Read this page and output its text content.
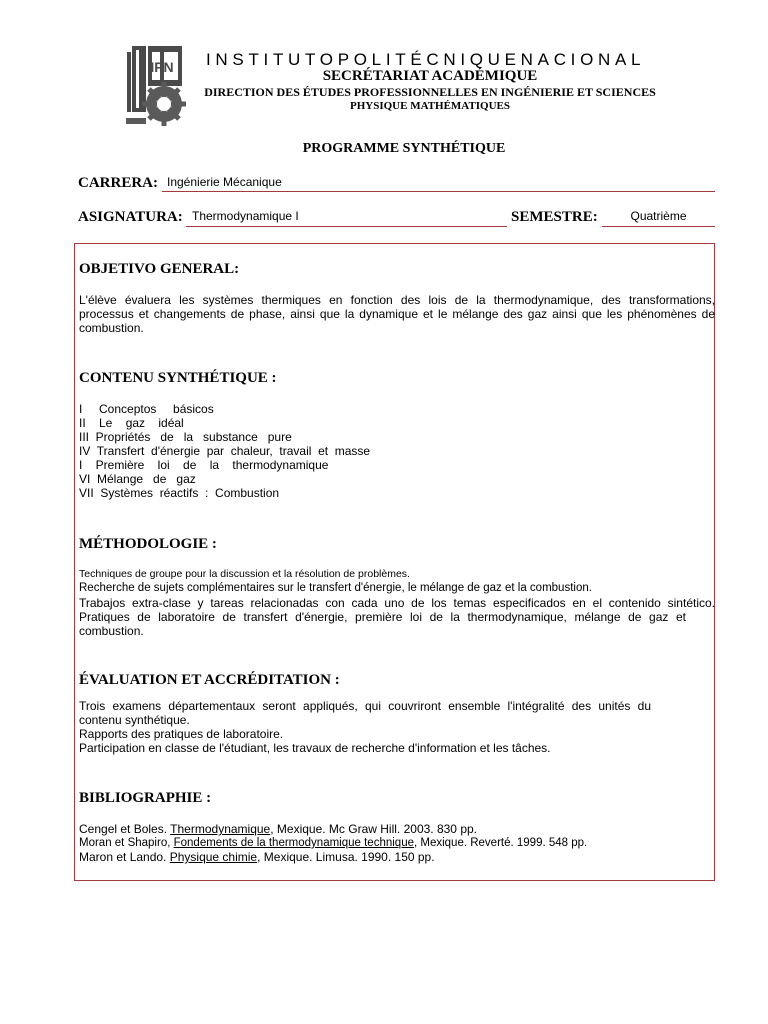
IPN INSTITUTOPOLITÉCNIQUENACIONAL
SECRÉTARIAT ACADÉMIQUE
DIRECTION DES ÉTUDES PROFESSIONNELLES EN INGÉNIERIE ET SCIENCES
PHYSIQUE MATHÉMATIQUES
PROGRAMME SYNTHÉTIQUE
CARRERA: Ingénierie Mécanique
ASIGNATURA: Thermodynamique I	SEMESTRE:	Quatrième
OBJETIVO GENERAL:
L'élève évaluera les systèmes thermiques en fonction des lois de la thermodynamique, des transformations,
processus et changements de phase, ainsi que la dynamique et le mélange des gaz ainsi que les phénomènes de
combustion.
CONTENU SYNTHÉTIQUE :
I     Conceptos     básicos
II    Le    gaz    idéal
III  Propriétés   de   la   substance   pure
IV  Transfert  d'énergie  par  chaleur,  travail  et  masse
I    Première    loi    de    la    thermodynamique
VI  Mélange   de   gaz
VII  Systèmes  réactifs  :  Combustion
MÉTHODOLOGIE :
Techniques de groupe pour la discussion et la résolution de problèmes.
Recherche de sujets complémentaires sur le transfert d'énergie, le mélange de gaz et la combustion.
Trabajos extra-clase y tareas relacionadas con cada uno de los temas especificados en el contenido sintético.
Pratiques de laboratoire de transfert d'énergie, première loi de la thermodynamique, mélange de gaz et
combustion.
ÉVALUATION ET ACCRÉDITATION :
Trois examens départementaux seront appliqués, qui couvriront ensemble l'intégralité des unités du
contenu synthétique.
Rapports des pratiques de laboratoire.
Participation en classe de l'étudiant, les travaux de recherche d'information et les tâches.
BIBLIOGRAPHIE :
Cengel et Boles. Thermodynamique, Mexique. Mc Graw Hill. 2003. 830 pp.
Moran et Shapiro, Fondements de la thermodynamique technique, Mexique. Reverté. 1999. 548 pp.
Maron et Lando. Physique chimie, Mexique. Limusa. 1990. 150 pp.
